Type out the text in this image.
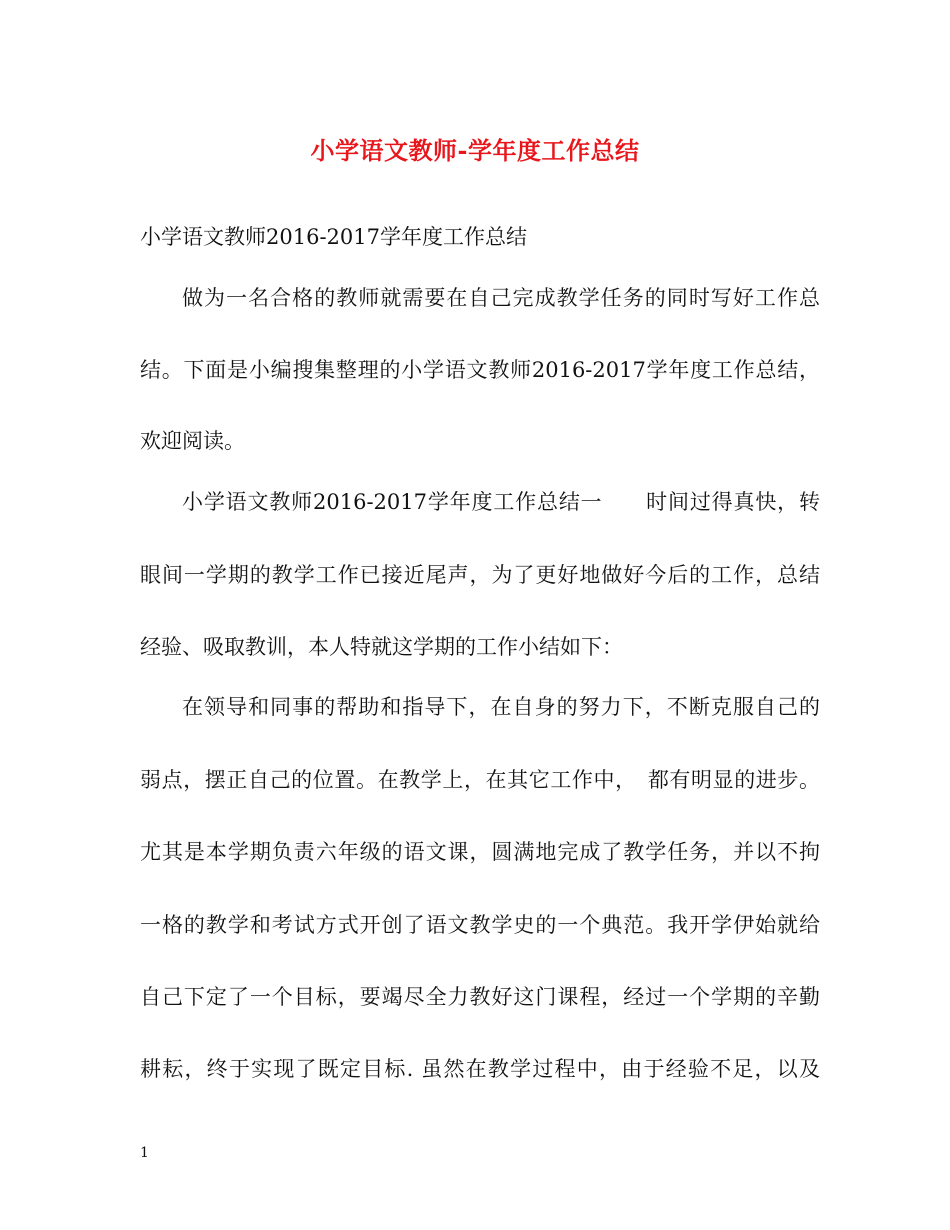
小学语文教师-学年度工作总结
小学语文教师2016-2017学年度工作总结
做为一名合格的教师就需要在自己完成教学任务的同时写好工作总
结。下面是小编搜集整理的小学语文教师2016-2017学年度工作总结，
欢迎阅读。
小学语文教师2016-2017学年度工作总结一　　时间过得真快，转
眼间一学期的教学工作已接近尾声，为了更好地做好今后的工作，总结
经验、吸取教训，本人特就这学期的工作小结如下：
在领导和同事的帮助和指导下，在自身的努力下，不断克服自己的
弱点，摆正自己的位置。在教学上，在其它工作中，　都有明显的进步。
尤其是本学期负责六年级的语文课，圆满地完成了教学任务，并以不拘
一格的教学和考试方式开创了语文教学史的一个典范。我开学伊始就给
自己下定了一个目标，要竭尽全力教好这门课程，经过一个学期的辛勤
耕耘，终于实现了既定目标. 虽然在教学过程中，由于经验不足，以及
1
